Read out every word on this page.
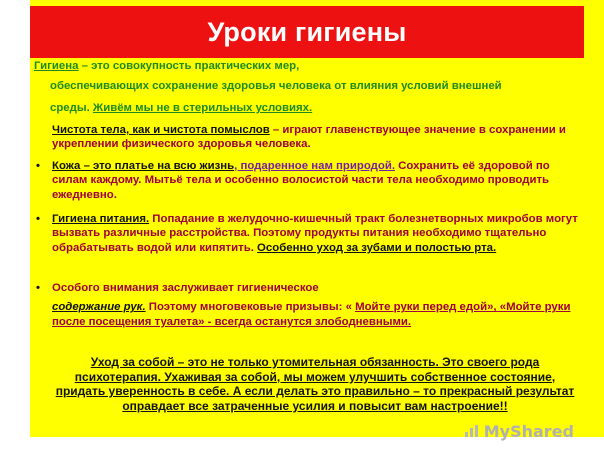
Уроки гигиены

Гигиена – это совокупность практических мер,

обеспечивающих сохранение здоровья человека от влияния условий внешней

среды. Живём мы не в стерильных условиях.

Чистота тела, как и чистота помыслов – играют главенствующее значение в сохранении и укреплении физического здоровья человека.

•	Кожа – это платье на всю жизнь, подаренное нам природой. Сохранить её здоровой по силам каждому. Мытьё тела и особенно волосистой части тела необходимо проводить ежедневно.

•	Гигиена питания. Попадание в желудочно-кишечный тракт болезнетворных микробов могут вызвать различные расстройства. Поэтому продукты питания необходимо тщательно обрабатывать водой или кипятить. Особенно уход за зубами и полостью рта.

•	Особого внимания заслуживает гигиеническое

содержание рук. Поэтому многовековые призывы: « Мойте руки перед едой», «Мойте руки после посещения туалета» - всегда останутся злободневными.

Уход за собой – это не только утомительная обязанность. Это своего рода психотерапия. Ухаживая за собой, мы можем улучшить собственное состояние, придать уверенность в себе. А если делать это правильно – то прекрасный результат оправдает все затраченные усилия и повысит вам настроение!!

MyShared
